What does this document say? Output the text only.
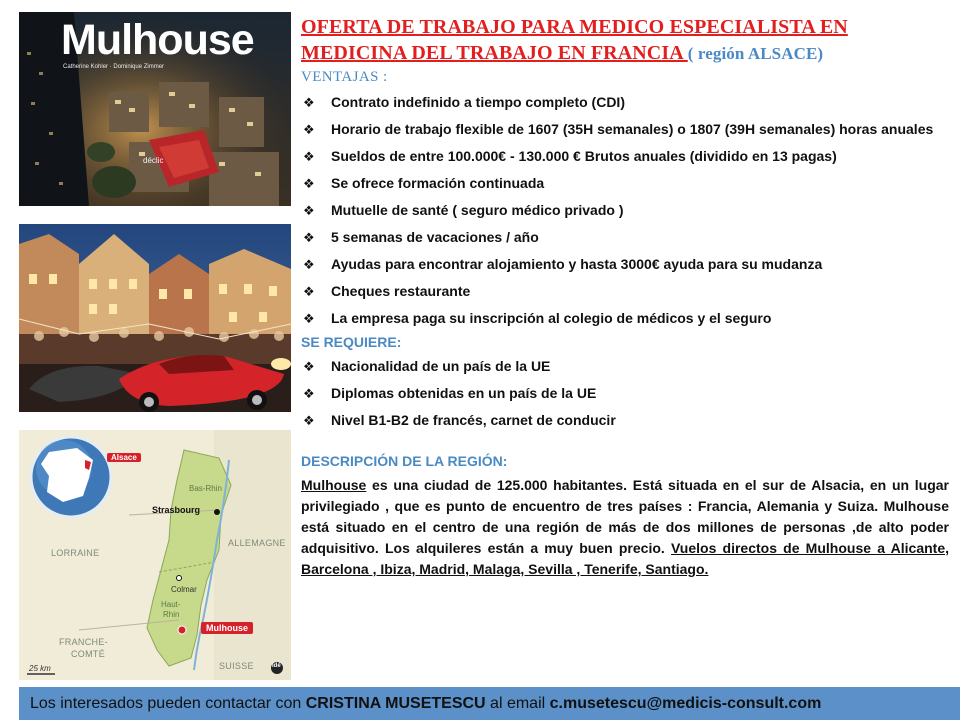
Mulhouse
Catherine Kohler · Dominique Zimmer
déclic
Alsace
Bas-Rhin
Strasbourg
ALLEMAGNE
LORRAINE
Colmar
Haut-
Rhin
Mulhouse
FRANCHE-
COMTÉ
SUISSE
25 km	idé
OFERTA DE TRABAJO PARA MEDICO ESPECIALISTA EN
MEDICINA DEL TRABAJO EN FRANCIA ( región ALSACE)
VENTAJAS :
❖ Contrato indefinido a tiempo completo (CDI)
❖ Horario de trabajo flexible de 1607 (35H semanales) o 1807 (39H semanales) horas anuales
❖ Sueldos de entre 100.000€ - 130.000 € Brutos anuales (dividido en 13 pagas)
❖ Se ofrece formación continuada
❖ Mutuelle de santé ( seguro médico privado )
❖ 5 semanas de vacaciones / año
❖ Ayudas para encontrar alojamiento y hasta 3000€ ayuda para su mudanza
❖ Cheques restaurante
❖ La empresa paga su inscripción al colegio de médicos y el seguro
SE REQUIERE:
❖ Nacionalidad de un país de la UE
❖ Diplomas obtenidas en un país de la UE
❖ Nivel B1-B2 de francés, carnet de conducir
DESCRIPCIÓN DE LA REGIÓN:

Mulhouse es una ciudad de 125.000 habitantes. Está situada en el sur de Alsacia, en un lugar privilegiado , que es punto de encuentro de tres países : Francia, Alemania y Suiza. Mulhouse está situado en el centro de una región de más de dos millones de personas ,de alto poder adquisitivo. Los alquileres están a muy buen precio. Vuelos directos de Mulhouse a Alicante, Barcelona , Ibiza, Madrid, Malaga, Sevilla , Tenerife, Santiago.

Los interesados pueden contactar con CRISTINA MUSETESCU al email c.musetescu@medicis-consult.com
